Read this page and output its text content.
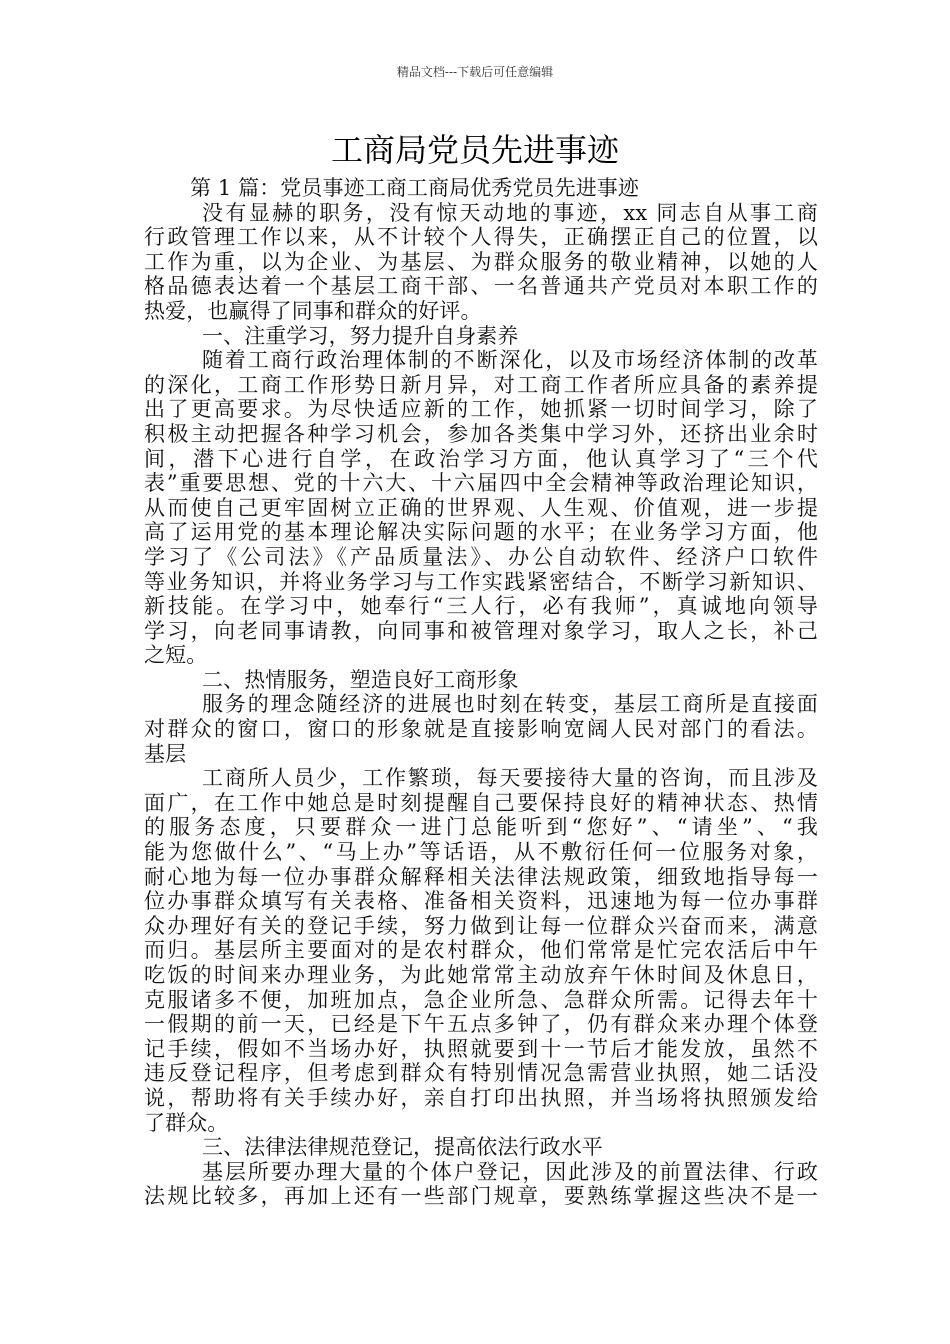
精品文档---下载后可任意编辑
工商局党员先进事迹
第 1 篇：党员事迹工商工商局优秀党员先进事迹
没有显赫的职务，没有惊天动地的事迹，xx 同志自从事工商
行政管理工作以来，从不计较个人得失，正确摆正自己的位置，以
工作为重，以为企业、为基层、为群众服务的敬业精神，以她的人
格品德表达着一个基层工商干部、一名普通共产党员对本职工作的
热爱，也赢得了同事和群众的好评。
一、注重学习，努力提升自身素养
随着工商行政治理体制的不断深化，以及市场经济体制的改革
的深化，工商工作形势日新月异，对工商工作者所应具备的素养提
出了更高要求。为尽快适应新的工作，她抓紧一切时间学习，除了
积极主动把握各种学习机会，参加各类集中学习外，还挤出业余时
间，潜下心进行自学，在政治学习方面，他认真学习了“三个代
表”重要思想、党的十六大、十六届四中全会精神等政治理论知识，
从而使自己更牢固树立正确的世界观、人生观、价值观，进一步提
高了运用党的基本理论解决实际问题的水平；在业务学习方面，他
学习了《公司法》《产品质量法》、办公自动软件、经济户口软件
等业务知识，并将业务学习与工作实践紧密结合，不断学习新知识、
新技能。在学习中，她奉行“三人行，必有我师”，真诚地向领导
学习，向老同事请教，向同事和被管理对象学习，取人之长，补己
之短。
二、热情服务，塑造良好工商形象
服务的理念随经济的进展也时刻在转变，基层工商所是直接面
对群众的窗口，窗口的形象就是直接影响宽阔人民对部门的看法。
基层
工商所人员少，工作繁琐，每天要接待大量的咨询，而且涉及
面广，在工作中她总是时刻提醒自己要保持良好的精神状态、热情
的服务态度，只要群众一进门总能听到“您好”、“请坐”、“我
能为您做什么”、“马上办”等话语，从不敷衍任何一位服务对象，
耐心地为每一位办事群众解释相关法律法规政策，细致地指导每一
位办事群众填写有关表格、准备相关资料，迅速地为每一位办事群
众办理好有关的登记手续，努力做到让每一位群众兴奋而来，满意
而归。基层所主要面对的是农村群众，他们常常是忙完农活后中午
吃饭的时间来办理业务，为此她常常主动放弃午休时间及休息日，
克服诸多不便，加班加点，急企业所急、急群众所需。记得去年十
一假期的前一天，已经是下午五点多钟了，仍有群众来办理个体登
记手续，假如不当场办好，执照就要到十一节后才能发放，虽然不
违反登记程序，但考虑到群众有特别情况急需营业执照，她二话没
说，帮助将有关手续办好，亲自打印出执照，并当场将执照颁发给
了群众。
三、法律法律规范登记，提高依法行政水平
基层所要办理大量的个体户登记，因此涉及的前置法律、行政
法规比较多，再加上还有一些部门规章，要熟练掌握这些决不是一
